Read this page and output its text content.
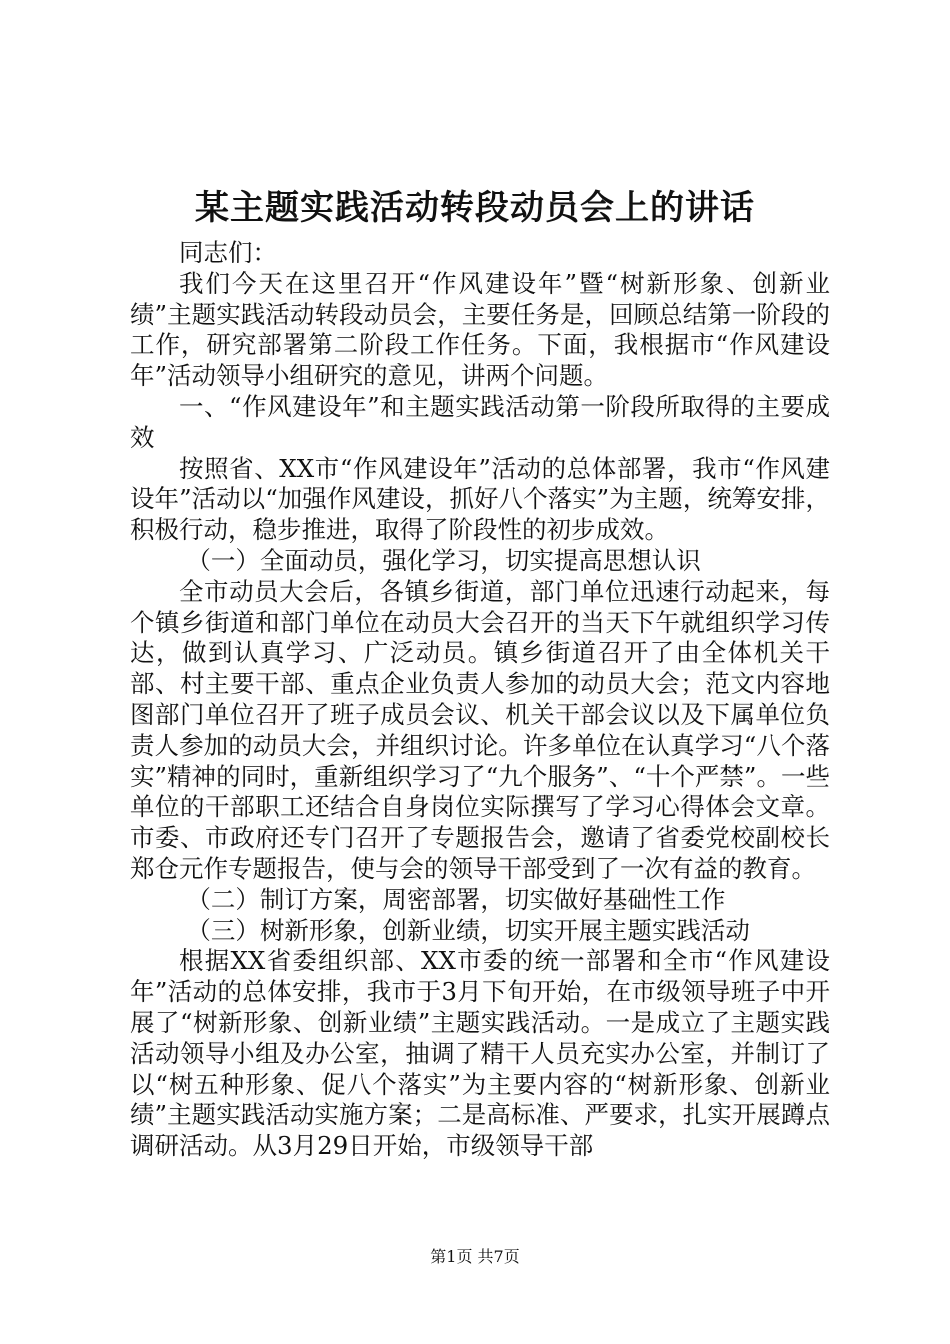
某主题实践活动转段动员会上的讲话

同志们：

我们今天在这里召开“作风建设年”暨“树新形象、创新业绩”主题实践活动转段动员会，主要任务是，回顾总结第一阶段的工作，研究部署第二阶段工作任务。下面，我根据市“作风建设年”活动领导小组研究的意见，讲两个问题。

一、“作风建设年”和主题实践活动第一阶段所取得的主要成效

按照省、XX市“作风建设年”活动的总体部署，我市“作风建设年”活动以“加强作风建设，抓好八个落实”为主题，统筹安排，积极行动，稳步推进，取得了阶段性的初步成效。

（一）全面动员，强化学习，切实提高思想认识

全市动员大会后，各镇乡街道，部门单位迅速行动起来，每个镇乡街道和部门单位在动员大会召开的当天下午就组织学习传达，做到认真学习、广泛动员。镇乡街道召开了由全体机关干部、村主要干部、重点企业负责人参加的动员大会；范文内容地图部门单位召开了班子成员会议、机关干部会议以及下属单位负责人参加的动员大会，并组织讨论。许多单位在认真学习“八个落实”精神的同时，重新组织学习了“九个服务”、“十个严禁”。一些单位的干部职工还结合自身岗位实际撰写了学习心得体会文章。市委、市政府还专门召开了专题报告会，邀请了省委党校副校长郑仓元作专题报告，使与会的领导干部受到了一次有益的教育。

（二）制订方案，周密部署，切实做好基础性工作

（三）树新形象，创新业绩，切实开展主题实践活动

根据XX省委组织部、XX市委的统一部署和全市“作风建设年”活动的总体安排，我市于3月下旬开始，在市级领导班子中开展了“树新形象、创新业绩”主题实践活动。一是成立了主题实践活动领导小组及办公室，抽调了精干人员充实办公室，并制订了以“树五种形象、促八个落实”为主要内容的“树新形象、创新业绩”主题实践活动实施方案；二是高标准、严要求，扎实开展蹲点调研活动。从3月29日开始，市级领导干部

第1页 共7页
